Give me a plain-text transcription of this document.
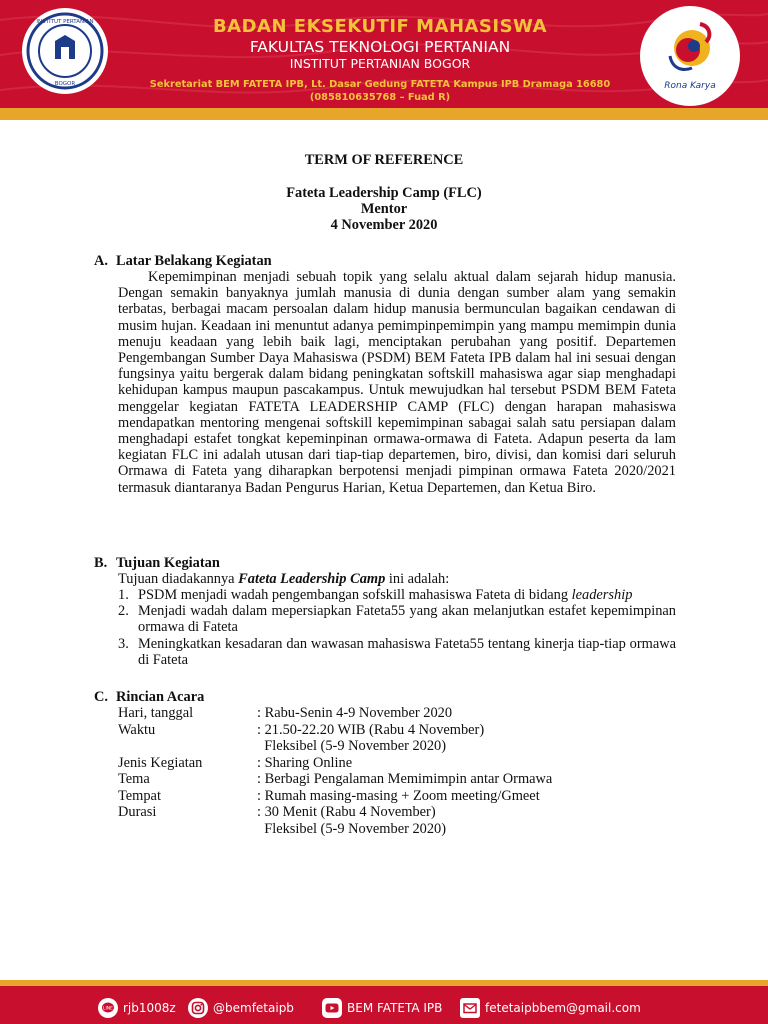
INSTITUT PERTANIAN
BOGOR
BADAN EKSEKUTIF MAHASISWA
FAKULTAS TEKNOLOGI PERTANIAN
INSTITUT PERTANIAN BOGOR
Sekretariat BEM FATETA IPB, Lt. Dasar Gedung FATETA Kampus IPB Dramaga 16680
(085810635768 – Fuad R)
Rona Karya
TERM OF REFERENCE
Fateta Leadership Camp (FLC)
Mentor
4 November 2020
A. Latar Belakang Kegiatan
Kepemimpinan menjadi sebuah topik yang selalu aktual dalam sejarah hidup manusia. Dengan semakin banyaknya jumlah manusia di dunia dengan sumber alam yang semakin terbatas, berbagai macam persoalan dalam hidup manusia bermunculan bagaikan cendawan di musim hujan. Keadaan ini menuntut adanya pemimpinpemimpin yang mampu memimpin dunia menuju keadaan yang lebih baik lagi, menciptakan perubahan yang positif. Departemen Pengembangan Sumber Daya Mahasiswa (PSDM) BEM Fateta IPB dalam hal ini sesuai dengan fungsinya yaitu bergerak dalam bidang peningkatan softskill mahasiswa agar siap menghadapi kehidupan kampus maupun pascakampus. Untuk mewujudkan hal tersebut PSDM BEM Fateta menggelar kegiatan FATETA LEADERSHIP CAMP (FLC) dengan harapan mahasiswa mendapatkan mentoring mengenai softskill kepemimpinan sabagai salah satu persiapan dalam menghadapi estafet tongkat kepeminpinan ormawa-ormawa di Fateta. Adapun peserta da lam kegiatan FLC ini adalah utusan dari tiap-tiap departemen, biro, divisi, dan komisi dari seluruh Ormawa di Fateta yang diharapkan berpotensi menjadi pimpinan ormawa Fateta 2020/2021 termasuk diantaranya Badan Pengurus Harian, Ketua Departemen, dan Ketua Biro.
B. Tujuan Kegiatan
Tujuan diadakannya Fateta Leadership Camp ini adalah:
1. PSDM menjadi wadah pengembangan sofskill mahasiswa Fateta di bidang leadership
2. Menjadi wadah dalam mepersiapkan Fateta55 yang akan melanjutkan estafet kepemimpinan ormawa di Fateta
3. Meningkatkan kesadaran dan wawasan mahasiswa Fateta55 tentang kinerja tiap-tiap ormawa di Fateta
C. Rincian Acara
Hari, tanggal	: Rabu-Senin 4-9 November 2020
Waktu	: 21.50-22.20 WIB (Rabu 4 November)
Fleksibel (5-9 November 2020)
Jenis Kegiatan	: Sharing Online
Tema	: Berbagi Pengalaman Memimimpin antar Ormawa
Tempat	: Rumah masing-masing + Zoom meeting/Gmeet
Durasi	: 30 Menit (Rabu 4 November)
Fleksibel (5-9 November 2020)
LINE rjb1008z	@bemfetaipb	BEM FATETA IPB	fetetaipbbem@gmail.com
